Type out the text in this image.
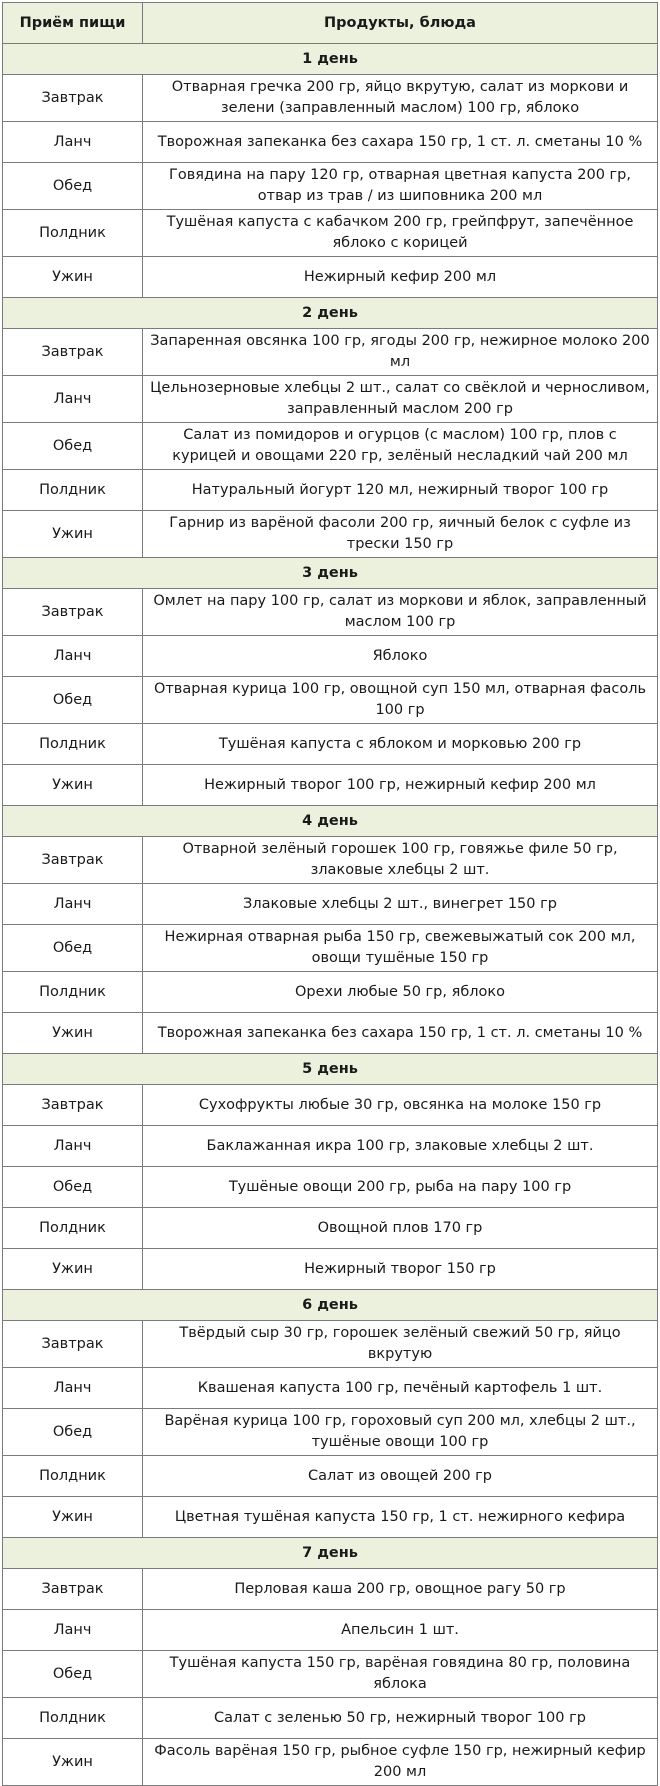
Приём пищи	Продукты, блюда
1 день	
Завтрак	Отварная гречка 200 гр, яйцо вкрутую, салат из моркови и зелени (заправленный маслом) 100 гр, яблоко
Ланч	Творожная запеканка без сахара 150 гр, 1 ст. л. сметаны 10 %
Обед	Говядина на пару 120 гр, отварная цветная капуста 200 гр, отвар из трав / из шиповника 200 мл
Полдник	Тушёная капуста с кабачком 200 гр, грейпфрут, запечённое яблоко с корицей
Ужин	Нежирный кефир 200 мл
2 день	
Завтрак	Запаренная овсянка 100 гр, ягоды 200 гр, нежирное молоко 200 мл
Ланч	Цельнозерновые хлебцы 2 шт., салат со свёклой и черносливом, заправленный маслом 200 гр
Обед	Салат из помидоров и огурцов (с маслом) 100 гр, плов с курицей и овощами 220 гр, зелёный несладкий чай 200 мл
Полдник	Натуральный йогурт 120 мл, нежирный творог 100 гр
Ужин	Гарнир из варёной фасоли 200 гр, яичный белок с суфле из трески 150 гр
3 день	
Завтрак	Омлет на пару 100 гр, салат из моркови и яблок, заправленный маслом 100 гр
Ланч	Яблоко
Обед	Отварная курица 100 гр, овощной суп 150 мл, отварная фасоль 100 гр
Полдник	Тушёная капуста с яблоком и морковью 200 гр
Ужин	Нежирный творог 100 гр, нежирный кефир 200 мл
4 день	
Завтрак	Отварной зелёный горошек 100 гр, говяжье филе 50 гр, злаковые хлебцы 2 шт.
Ланч	Злаковые хлебцы 2 шт., винегрет 150 гр
Обед	Нежирная отварная рыба 150 гр, свежевыжатый сок 200 мл, овощи тушёные 150 гр
Полдник	Орехи любые 50 гр, яблоко
Ужин	Творожная запеканка без сахара 150 гр, 1 ст. л. сметаны 10 %
5 день	
Завтрак	Сухофрукты любые 30 гр, овсянка на молоке 150 гр
Ланч	Баклажанная икра 100 гр, злаковые хлебцы 2 шт.
Обед	Тушёные овощи 200 гр, рыба на пару 100 гр
Полдник	Овощной плов 170 гр
Ужин	Нежирный творог 150 гр
6 день	
Завтрак	Твёрдый сыр 30 гр, горошек зелёный свежий 50 гр, яйцо вкрутую
Ланч	Квашеная капуста 100 гр, печёный картофель 1 шт.
Обед	Варёная курица 100 гр, гороховый суп 200 мл, хлебцы 2 шт., тушёные овощи 100 гр
Полдник	Салат из овощей 200 гр
Ужин	Цветная тушёная капуста 150 гр, 1 ст. нежирного кефира
7 день	
Завтрак	Перловая каша 200 гр, овощное рагу 50 гр
Ланч	Апельсин 1 шт.
Обед	Тушёная капуста 150 гр, варёная говядина 80 гр, половина яблока
Полдник	Салат с зеленью 50 гр, нежирный творог 100 гр
Ужин	Фасоль варёная 150 гр, рыбное суфле 150 гр, нежирный кефир 200 мл
